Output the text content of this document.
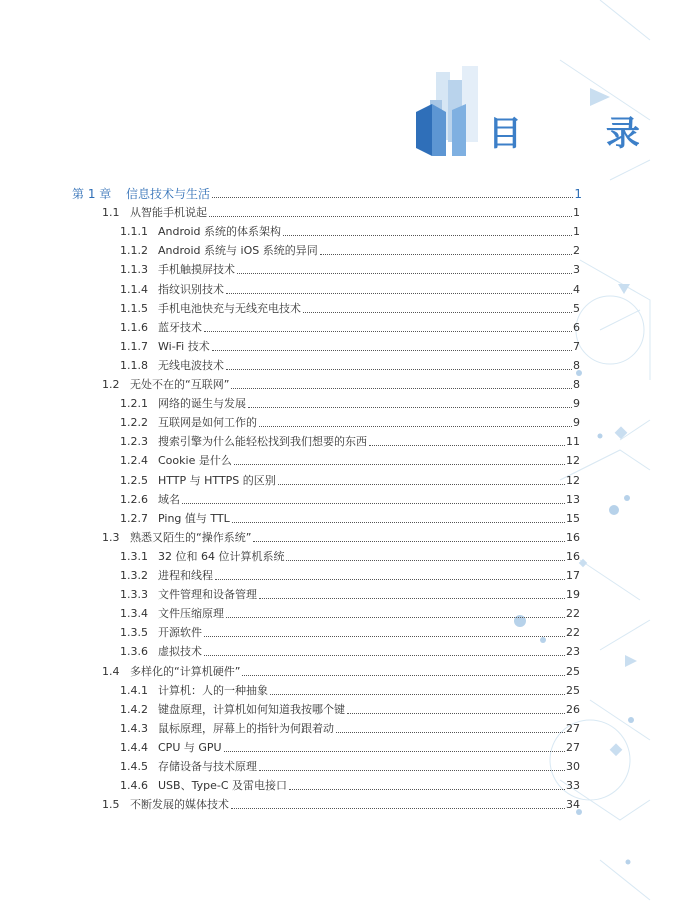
目 录
第 1 章	信息技术与生活	1
1.1 从智能手机说起	1
1.1.1 Android 系统的体系架构	1
1.1.2 Android 系统与 iOS 系统的异同	2
1.1.3 手机触摸屏技术	3
1.1.4 指纹识别技术	4
1.1.5 手机电池快充与无线充电技术	5
1.1.6 蓝牙技术	6
1.1.7 Wi-Fi 技术	7
1.1.8 无线电波技术	8
1.2 无处不在的“互联网”	8
1.2.1 网络的诞生与发展	9
1.2.2 互联网是如何工作的	9
1.2.3 搜索引擎为什么能轻松找到我们想要的东西	11
1.2.4 Cookie 是什么	12
1.2.5 HTTP 与 HTTPS 的区别	12
1.2.6 域名	13
1.2.7 Ping 值与 TTL	15
1.3 熟悉又陌生的“操作系统”	16
1.3.1 32 位和 64 位计算机系统	16
1.3.2 进程和线程	17
1.3.3 文件管理和设备管理	19
1.3.4 文件压缩原理	22
1.3.5 开源软件	22
1.3.6 虚拟技术	23
1.4 多样化的“计算机硬件”	25
1.4.1 计算机：人的一种抽象	25
1.4.2 键盘原理，计算机如何知道我按哪个键	26
1.4.3 鼠标原理，屏幕上的指针为何跟着动	27
1.4.4 CPU 与 GPU	27
1.4.5 存储设备与技术原理	30
1.4.6 USB、Type-C 及雷电接口	33
1.5 不断发展的媒体技术	34
